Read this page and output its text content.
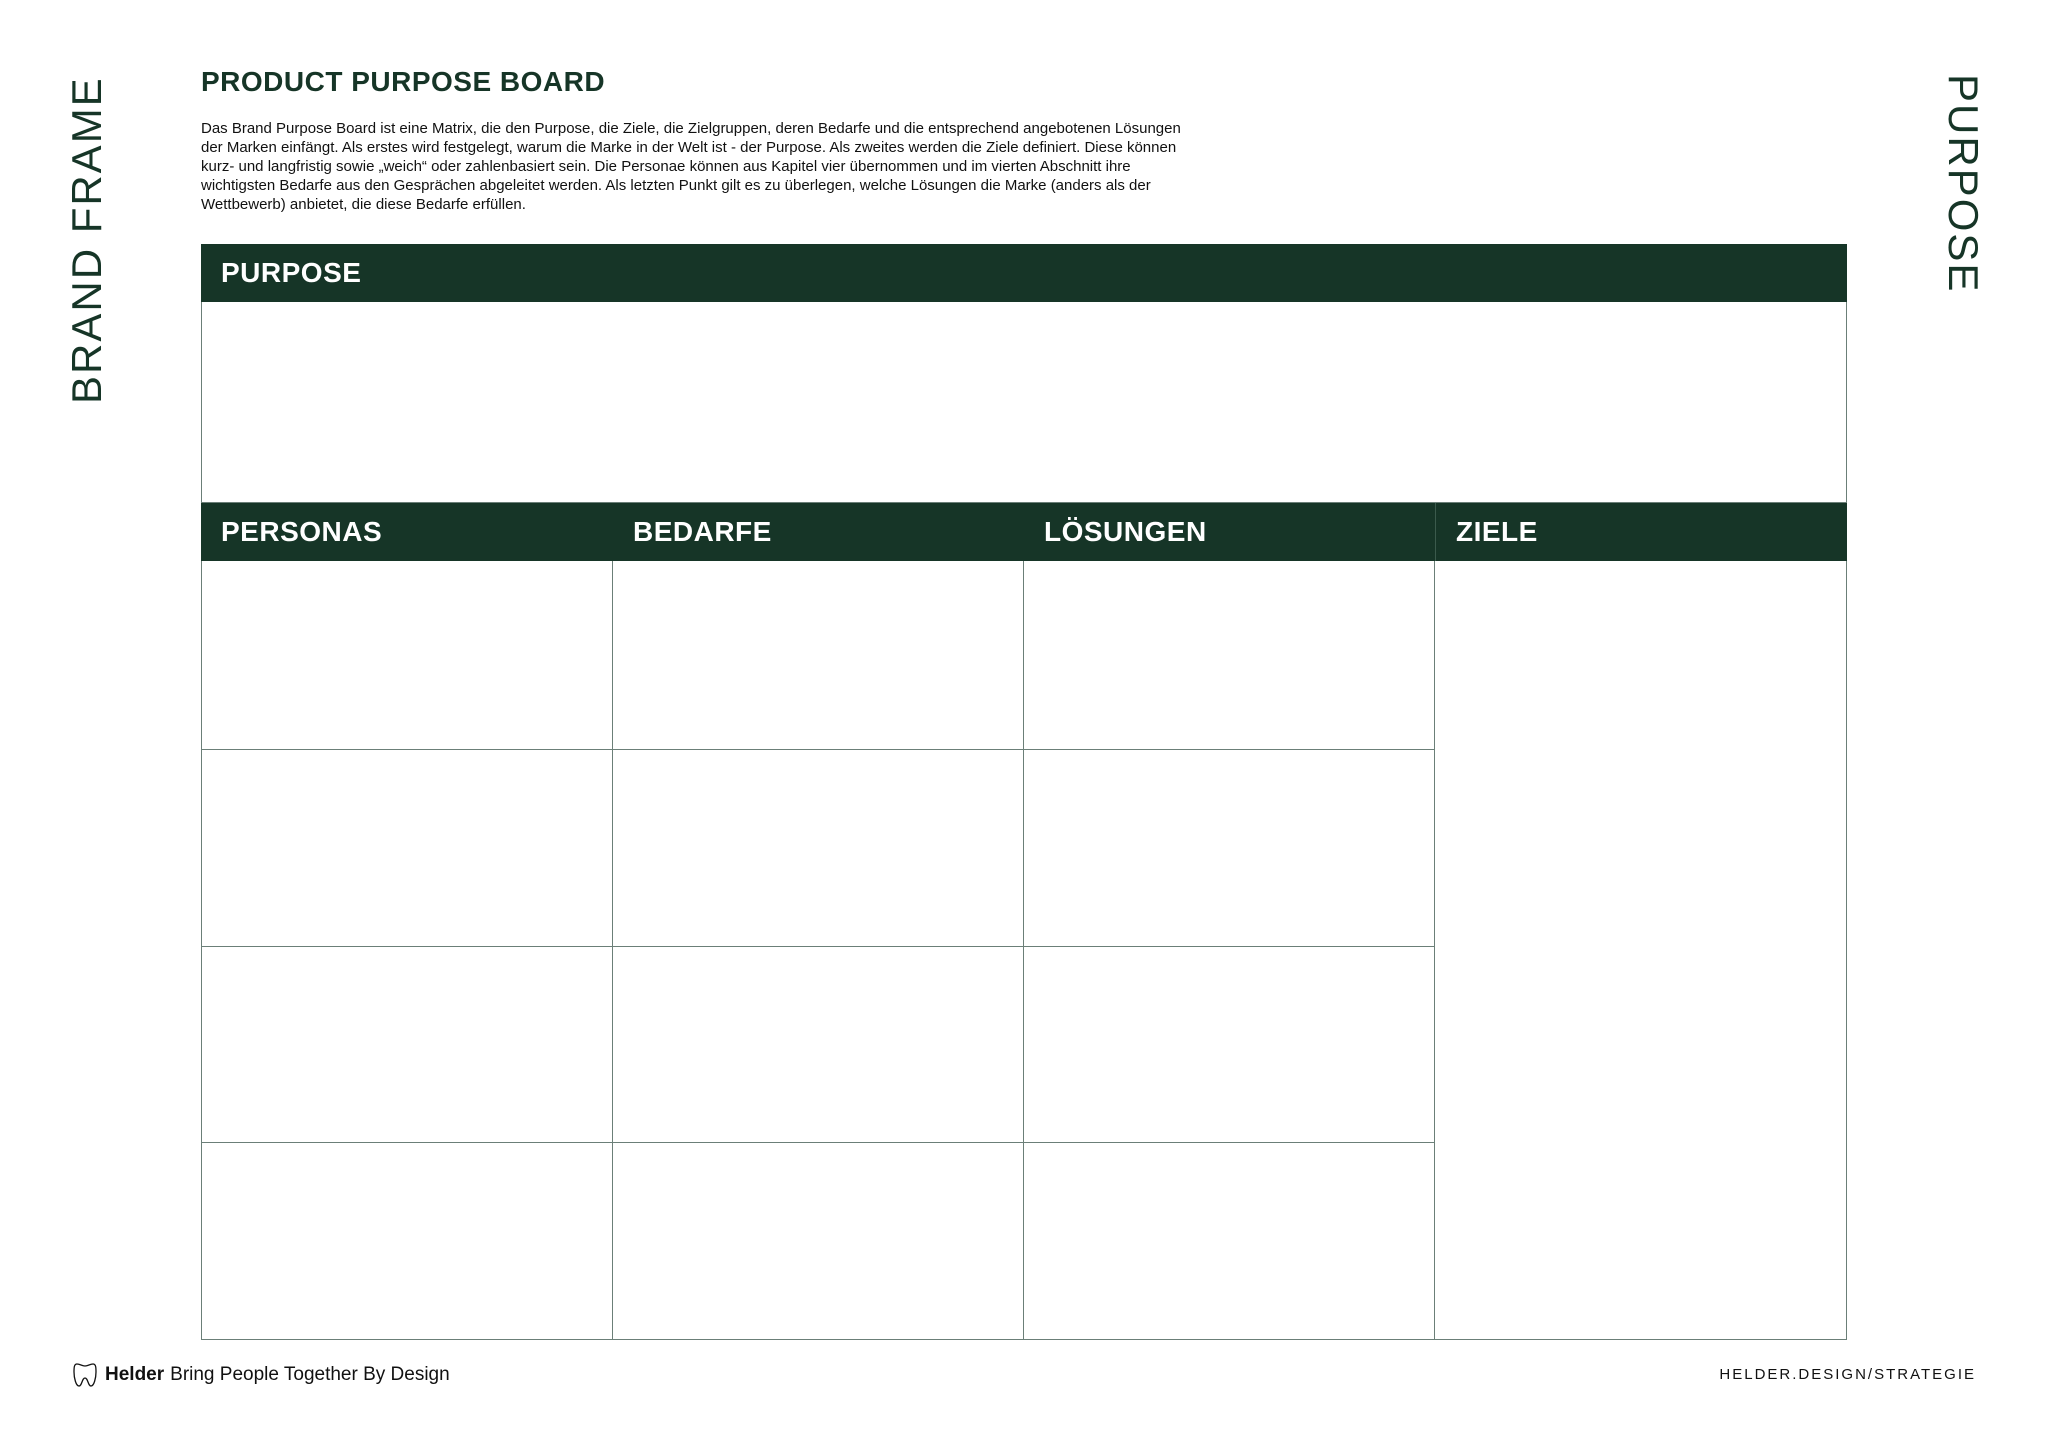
BRAND FRAME	PURPOSE
PRODUCT PURPOSE BOARD
Das Brand Purpose Board ist eine Matrix, die den Purpose, die Ziele, die Zielgruppen, deren Bedarfe und die entsprechend angebotenen Lösungen der Marken einfängt. Als erstes wird festgelegt, warum die Marke in der Welt ist - der Purpose. Als zweites werden die Ziele definiert. Diese können kurz- und langfristig sowie „weich“ oder zahlenbasiert sein. Die Personae können aus Kapitel vier übernommen und im vierten Abschnitt ihre wichtigsten Bedarfe aus den Gesprächen abgeleitet werden. Als letzten Punkt gilt es zu überlegen, welche Lösungen die Marke (anders als der Wettbewerb) anbietet, die diese Bedarfe erfüllen.
PURPOSE
PERSONAS	BEDARFE	LÖSUNGEN	ZIELE
Helder Bring People Together By Design	HELDER.DESIGN/STRATEGIE
